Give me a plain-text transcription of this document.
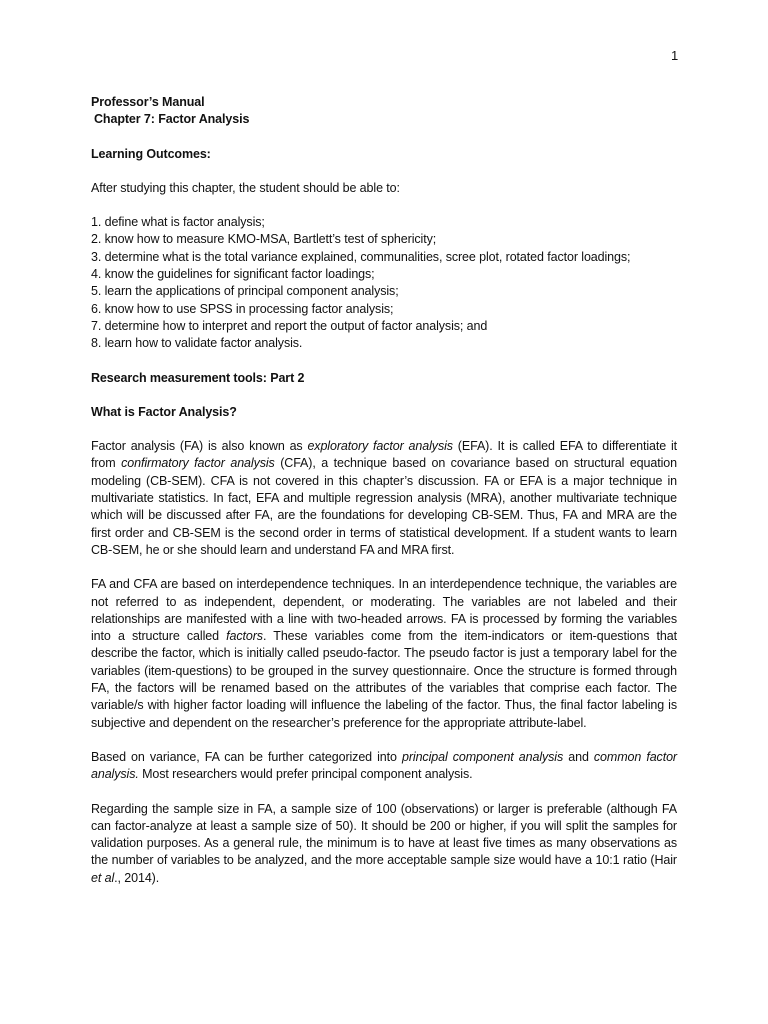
1
Professor’s Manual
Chapter 7: Factor Analysis
Learning Outcomes:
After studying this chapter, the student should be able to:
1. define what is factor analysis;
2. know how to measure KMO-MSA, Bartlett’s test of sphericity;
3. determine what is the total variance explained, communalities, scree plot, rotated factor loadings;
4. know the guidelines for significant factor loadings;
5. learn the applications of principal component analysis;
6. know how to use SPSS in processing factor analysis;
7. determine how to interpret and report the output of factor analysis; and
8. learn how to validate factor analysis.
Research measurement tools: Part 2
What is Factor Analysis?

Factor analysis (FA) is also known as exploratory factor analysis (EFA). It is called EFA to differentiate it from confirmatory factor analysis (CFA), a technique based on covariance based on structural equation modeling (CB-SEM). CFA is not covered in this chapter’s discussion. FA or EFA is a major technique in multivariate statistics. In fact, EFA and multiple regression analysis (MRA), another multivariate technique which will be discussed after FA, are the foundations for developing CB-SEM. Thus, FA and MRA are the first order and CB-SEM is the second order in terms of statistical development. If a student wants to learn CB-SEM, he or she should learn and understand FA and MRA first.

FA and CFA are based on interdependence techniques. In an interdependence technique, the variables are not referred to as independent, dependent, or moderating. The variables are not labeled and their relationships are manifested with a line with two-headed arrows. FA is processed by forming the variables into a structure called factors. These variables come from the item-indicators or item-questions that describe the factor, which is initially called pseudo-factor. The pseudo factor is just a temporary label for the variables (item-questions) to be grouped in the survey questionnaire. Once the structure is formed through FA, the factors will be renamed based on the attributes of the variables that comprise each factor. The variable/s with higher factor loading will influence the labeling of the factor. Thus, the final factor labeling is subjective and dependent on the researcher’s preference for the appropriate attribute-label.

Based on variance, FA can be further categorized into principal component analysis and common factor analysis. Most researchers would prefer principal component analysis.

Regarding the sample size in FA, a sample size of 100 (observations) or larger is preferable (although FA can factor-analyze at least a sample size of 50). It should be 200 or higher, if you will split the samples for validation purposes. As a general rule, the minimum is to have at least five times as many observations as the number of variables to be analyzed, and the more acceptable sample size would have a 10:1 ratio (Hair et al., 2014).
